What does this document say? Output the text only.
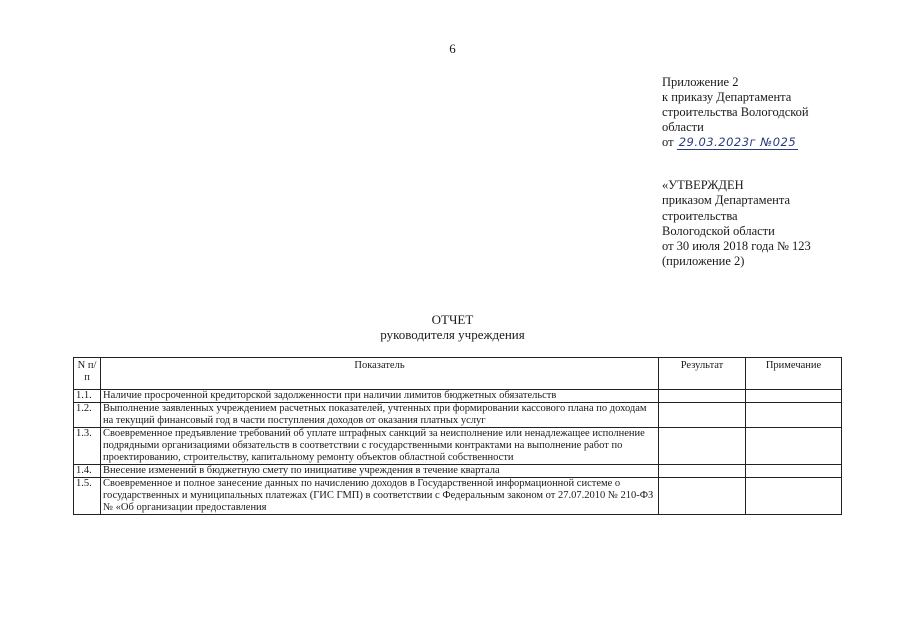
6
Приложение 2
к приказу Департамента
строительства Вологодской
области
от 29.03.2023г №025
«УТВЕРЖДЕН
приказом Департамента
строительства
Вологодской области
от 30 июля 2018 года № 123
(приложение 2)
ОТЧЕТ
руководителя учреждения
N п/п	Показатель	Результат	Примечание
1.1.	Наличие просроченной кредиторской задолженности при наличии лимитов бюджетных обязательств		
1.2.	Выполнение заявленных учреждением расчетных показателей, учтенных при формировании кассового плана по доходам на текущий финансовый год в части поступления доходов от оказания платных услуг		
1.3.	Своевременное предъявление требований об уплате штрафных санкций за неисполнение или ненадлежащее исполнение подрядными организациями обязательств в соответствии с государственными контрактами на выполнение работ по проектированию, строительству, капитальному ремонту объектов областной собственности		
1.4.	Внесение изменений в бюджетную смету по инициативе учреждения в течение квартала		
1.5.	Своевременное и полное занесение данных по начислению доходов в Государственной информационной системе о государственных и муниципальных платежах (ГИС ГМП) в соответствии с Федеральным законом от 27.07.2010 № 210-ФЗ № «Об организации предоставления		
